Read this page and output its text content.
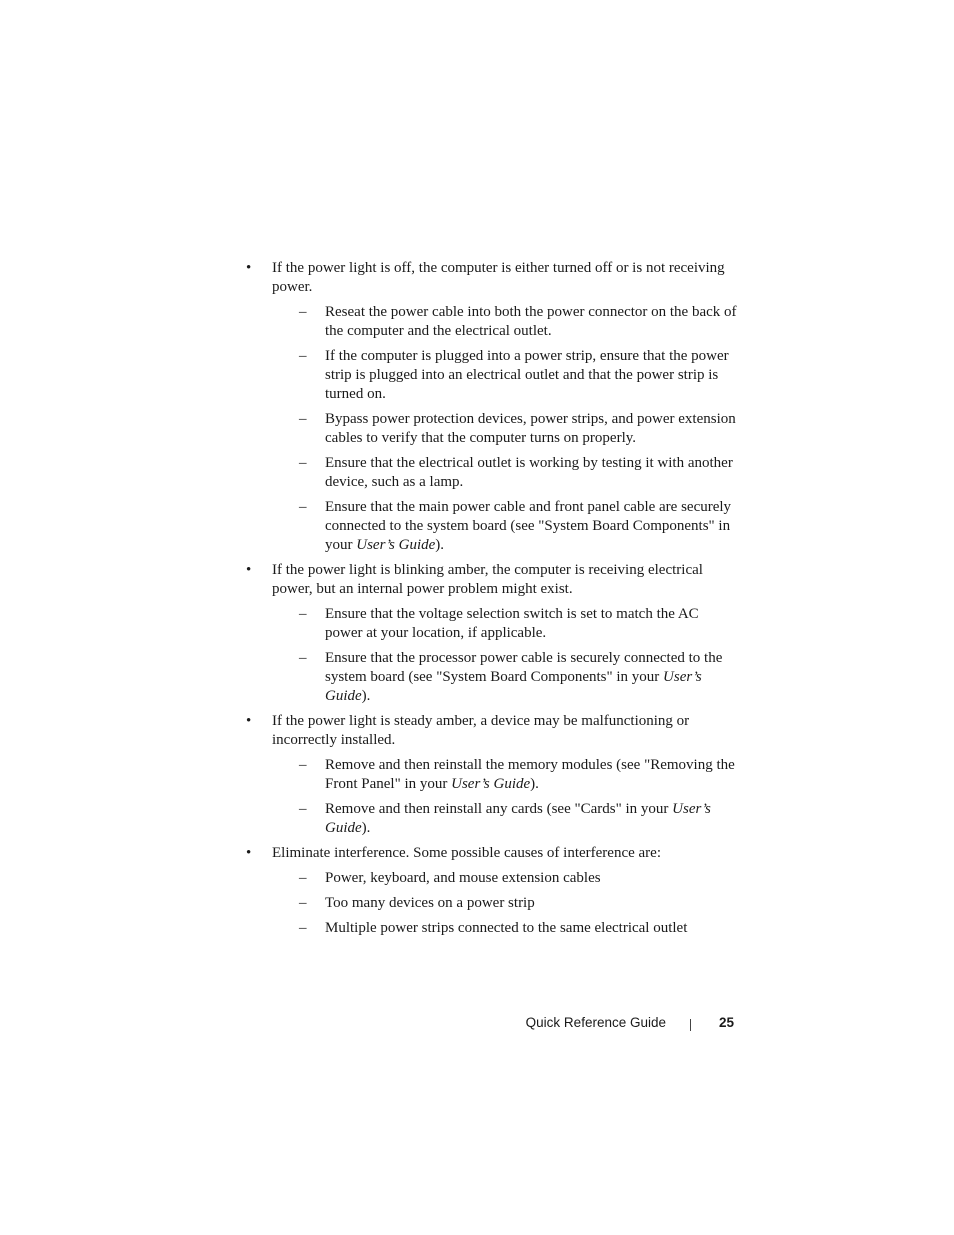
•	If the power light is off, the computer is either turned off or is not receiving power.
– Reseat the power cable into both the power connector on the back of the computer and the electrical outlet.
– If the computer is plugged into a power strip, ensure that the power strip is plugged into an electrical outlet and that the power strip is turned on.
– Bypass power protection devices, power strips, and power extension cables to verify that the computer turns on properly.
– Ensure that the electrical outlet is working by testing it with another device, such as a lamp.
– Ensure that the main power cable and front panel cable are securely connected to the system board (see "System Board Components" in your User’s Guide).
•	If the power light is blinking amber, the computer is receiving electrical power, but an internal power problem might exist.
– Ensure that the voltage selection switch is set to match the AC power at your location, if applicable.
– Ensure that the processor power cable is securely connected to the system board (see "System Board Components" in your User’s Guide).
•	If the power light is steady amber, a device may be malfunctioning or incorrectly installed.
– Remove and then reinstall the memory modules (see "Removing the Front Panel" in your User’s Guide).
– Remove and then reinstall any cards (see "Cards" in your User’s Guide).
•	Eliminate interference. Some possible causes of interference are:
– Power, keyboard, and mouse extension cables
– Too many devices on a power strip
– Multiple power strips connected to the same electrical outlet
Quick Reference Guide	25
